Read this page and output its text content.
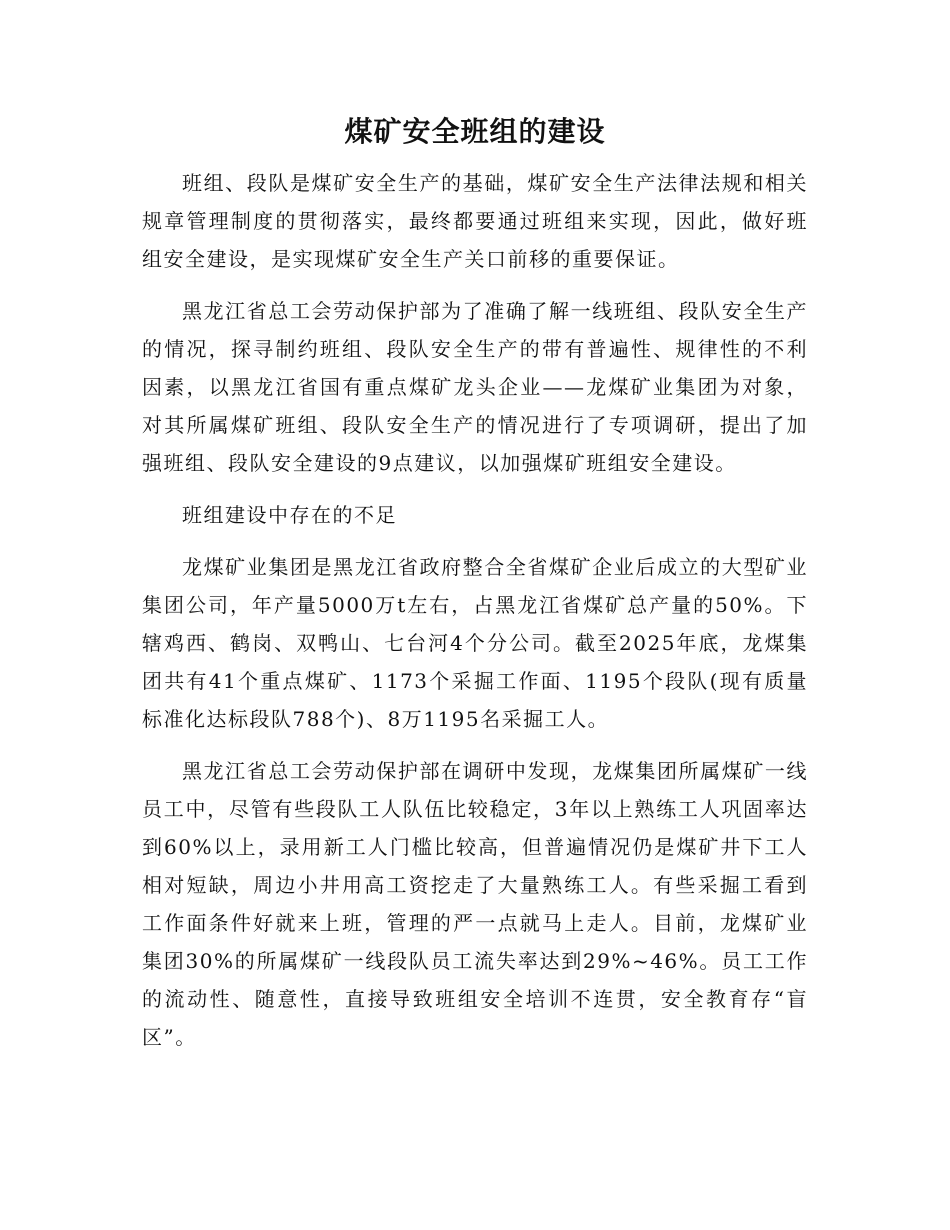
煤矿安全班组的建设

班组、段队是煤矿安全生产的基础，煤矿安全生产法律法规和相关规章管理制度的贯彻落实，最终都要通过班组来实现，因此，做好班组安全建设，是实现煤矿安全生产关口前移的重要保证。

黑龙江省总工会劳动保护部为了准确了解一线班组、段队安全生产的情况，探寻制约班组、段队安全生产的带有普遍性、规律性的不利因素，以黑龙江省国有重点煤矿龙头企业——龙煤矿业集团为对象，对其所属煤矿班组、段队安全生产的情况进行了专项调研，提出了加强班组、段队安全建设的9点建议，以加强煤矿班组安全建设。

班组建设中存在的不足

龙煤矿业集团是黑龙江省政府整合全省煤矿企业后成立的大型矿业集团公司，年产量5000万t左右，占黑龙江省煤矿总产量的50%。下辖鸡西、鹤岗、双鸭山、七台河4个分公司。截至2025年底，龙煤集团共有41个重点煤矿、1173个采掘工作面、1195个段队(现有质量标准化达标段队788个)、8万1195名采掘工人。

黑龙江省总工会劳动保护部在调研中发现，龙煤集团所属煤矿一线员工中，尽管有些段队工人队伍比较稳定，3年以上熟练工人巩固率达到60%以上，录用新工人门槛比较高，但普遍情况仍是煤矿井下工人相对短缺，周边小井用高工资挖走了大量熟练工人。有些采掘工看到工作面条件好就来上班，管理的严一点就马上走人。目前，龙煤矿业集团30%的所属煤矿一线段队员工流失率达到29%~46%。员工工作的流动性、随意性，直接导致班组安全培训不连贯，安全教育存“盲区”。
